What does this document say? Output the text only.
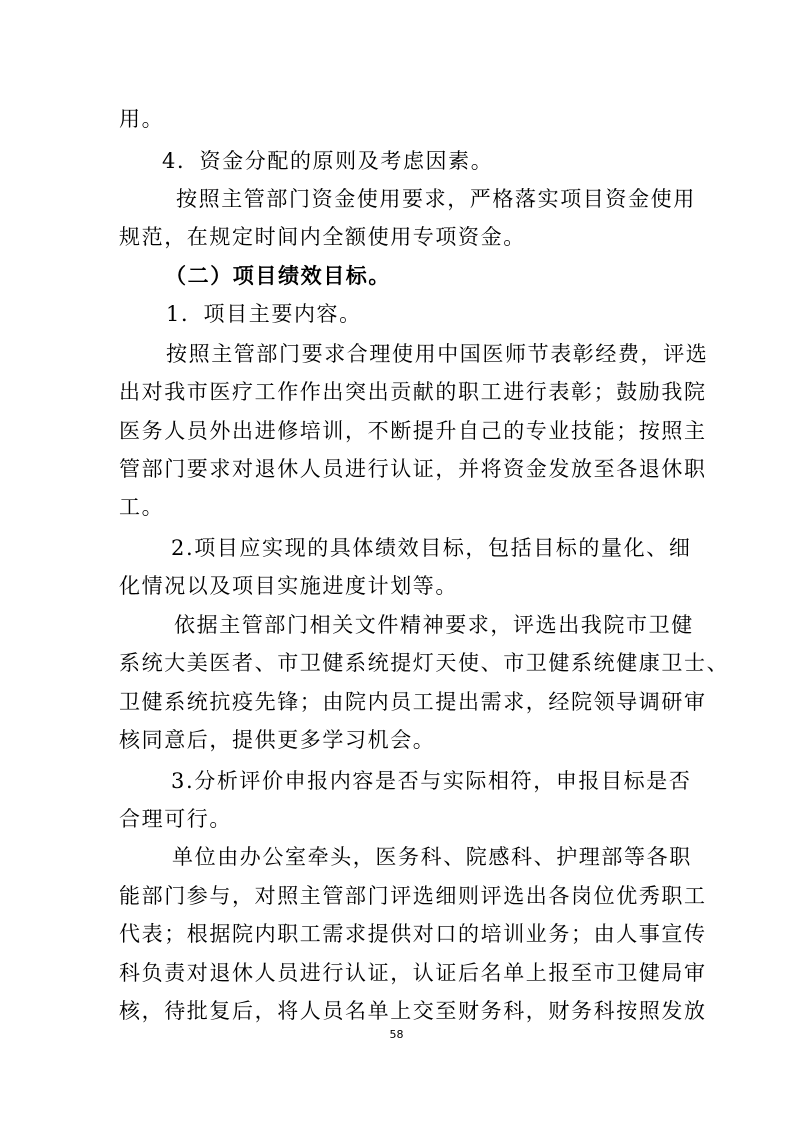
用。
4．资金分配的原则及考虑因素。
按照主管部门资金使用要求，严格落实项目资金使用
规范，在规定时间内全额使用专项资金。
（二）项目绩效目标。
1．项目主要内容。
按照主管部门要求合理使用中国医师节表彰经费，评选
出对我市医疗工作作出突出贡献的职工进行表彰；鼓励我院
医务人员外出进修培训，不断提升自己的专业技能；按照主
管部门要求对退休人员进行认证，并将资金发放至各退休职
工。
2.项目应实现的具体绩效目标，包括目标的量化、细
化情况以及项目实施进度计划等。
依据主管部门相关文件精神要求，评选出我院市卫健
系统大美医者、市卫健系统提灯天使、市卫健系统健康卫士、
卫健系统抗疫先锋；由院内员工提出需求，经院领导调研审
核同意后，提供更多学习机会。
3.分析评价申报内容是否与实际相符，申报目标是否
合理可行。
单位由办公室牵头，医务科、院感科、护理部等各职
能部门参与，对照主管部门评选细则评选出各岗位优秀职工
代表；根据院内职工需求提供对口的培训业务；由人事宣传
科负责对退休人员进行认证，认证后名单上报至市卫健局审
核，待批复后，将人员名单上交至财务科，财务科按照发放
58
